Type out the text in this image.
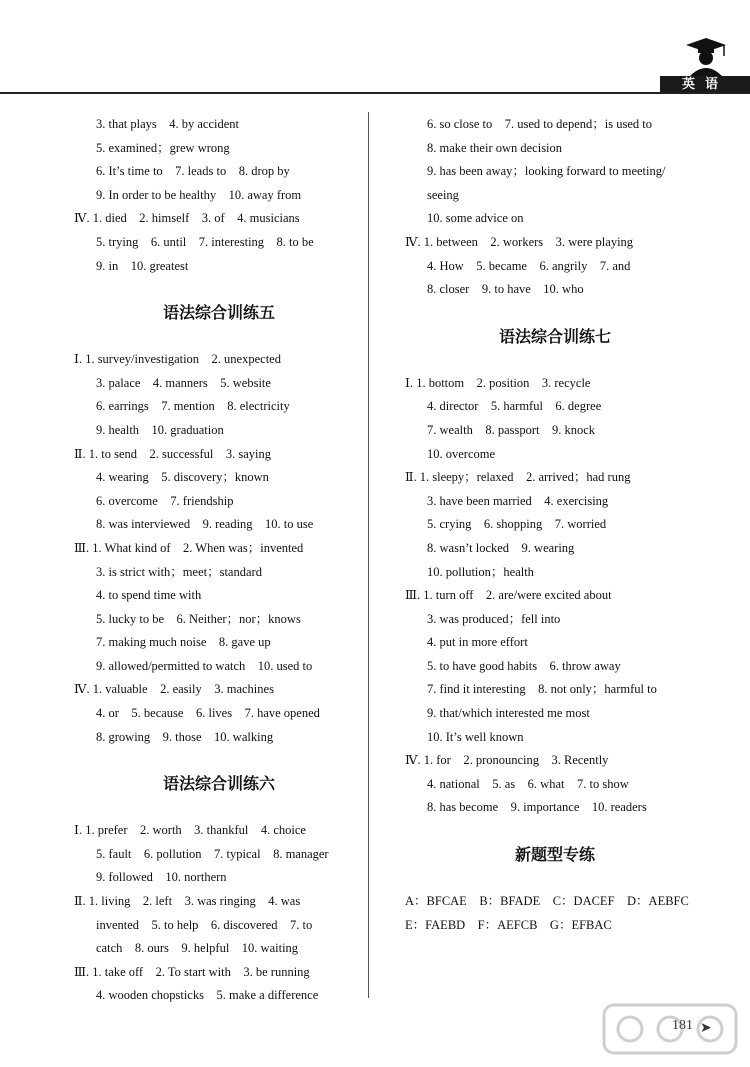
英语
3. that plays    4. by accident
5. examined；grew wrong
6. It’s time to    7. leads to    8. drop by
9. In order to be healthy    10. away from
Ⅳ. 1. died    2. himself    3. of    4. musicians
5. trying    6. until    7. interesting    8. to be
9. in    10. greatest
语法综合训练五
Ⅰ. 1. survey/investigation    2. unexpected
3. palace    4. manners    5. website
6. earrings    7. mention    8. electricity
9. health    10. graduation
Ⅱ. 1. to send    2. successful    3. saying
4. wearing    5. discovery；known
6. overcome    7. friendship
8. was interviewed    9. reading    10. to use
Ⅲ. 1. What kind of    2. When was；invented
3. is strict with；meet；standard
4. to spend time with
5. lucky to be    6. Neither；nor；knows
7. making much noise    8. gave up
9. allowed/permitted to watch    10. used to
Ⅳ. 1. valuable    2. easily    3. machines
4. or    5. because    6. lives    7. have opened
8. growing    9. those    10. walking
语法综合训练六
Ⅰ. 1. prefer    2. worth    3. thankful    4. choice
5. fault    6. pollution    7. typical    8. manager
9. followed    10. northern
Ⅱ. 1. living    2. left    3. was ringing    4. was
invented    5. to help    6. discovered    7. to
catch    8. ours    9. helpful    10. waiting
Ⅲ. 1. take off    2. To start with    3. be running
4. wooden chopsticks    5. make a difference
6. so close to    7. used to depend；is used to
8. make their own decision
9. has been away；looking forward to meeting/
seeing
10. some advice on
Ⅳ. 1. between    2. workers    3. were playing
4. How    5. became    6. angrily    7. and
8. closer    9. to have    10. who
语法综合训练七
Ⅰ. 1. bottom    2. position    3. recycle
4. director    5. harmful    6. degree
7. wealth    8. passport    9. knock
10. overcome
Ⅱ. 1. sleepy；relaxed    2. arrived；had rung
3. have been married    4. exercising
5. crying    6. shopping    7. worried
8. wasn’t locked    9. wearing
10. pollution；health
Ⅲ. 1. turn off    2. are/were excited about
3. was produced；fell into
4. put in more effort
5. to have good habits    6. throw away
7. find it interesting    8. not only；harmful to
9. that/which interested me most
10. It’s well known
Ⅳ. 1. for    2. pronouncing    3. Recently
4. national    5. as    6. what    7. to show
8. has become    9. importance    10. readers
新题型专练
A：BFCAE    B：BFADE    C：DACEF    D：AEBFC
E：FAEBD    F：AEFCB    G：EFBAC
181 ➤
